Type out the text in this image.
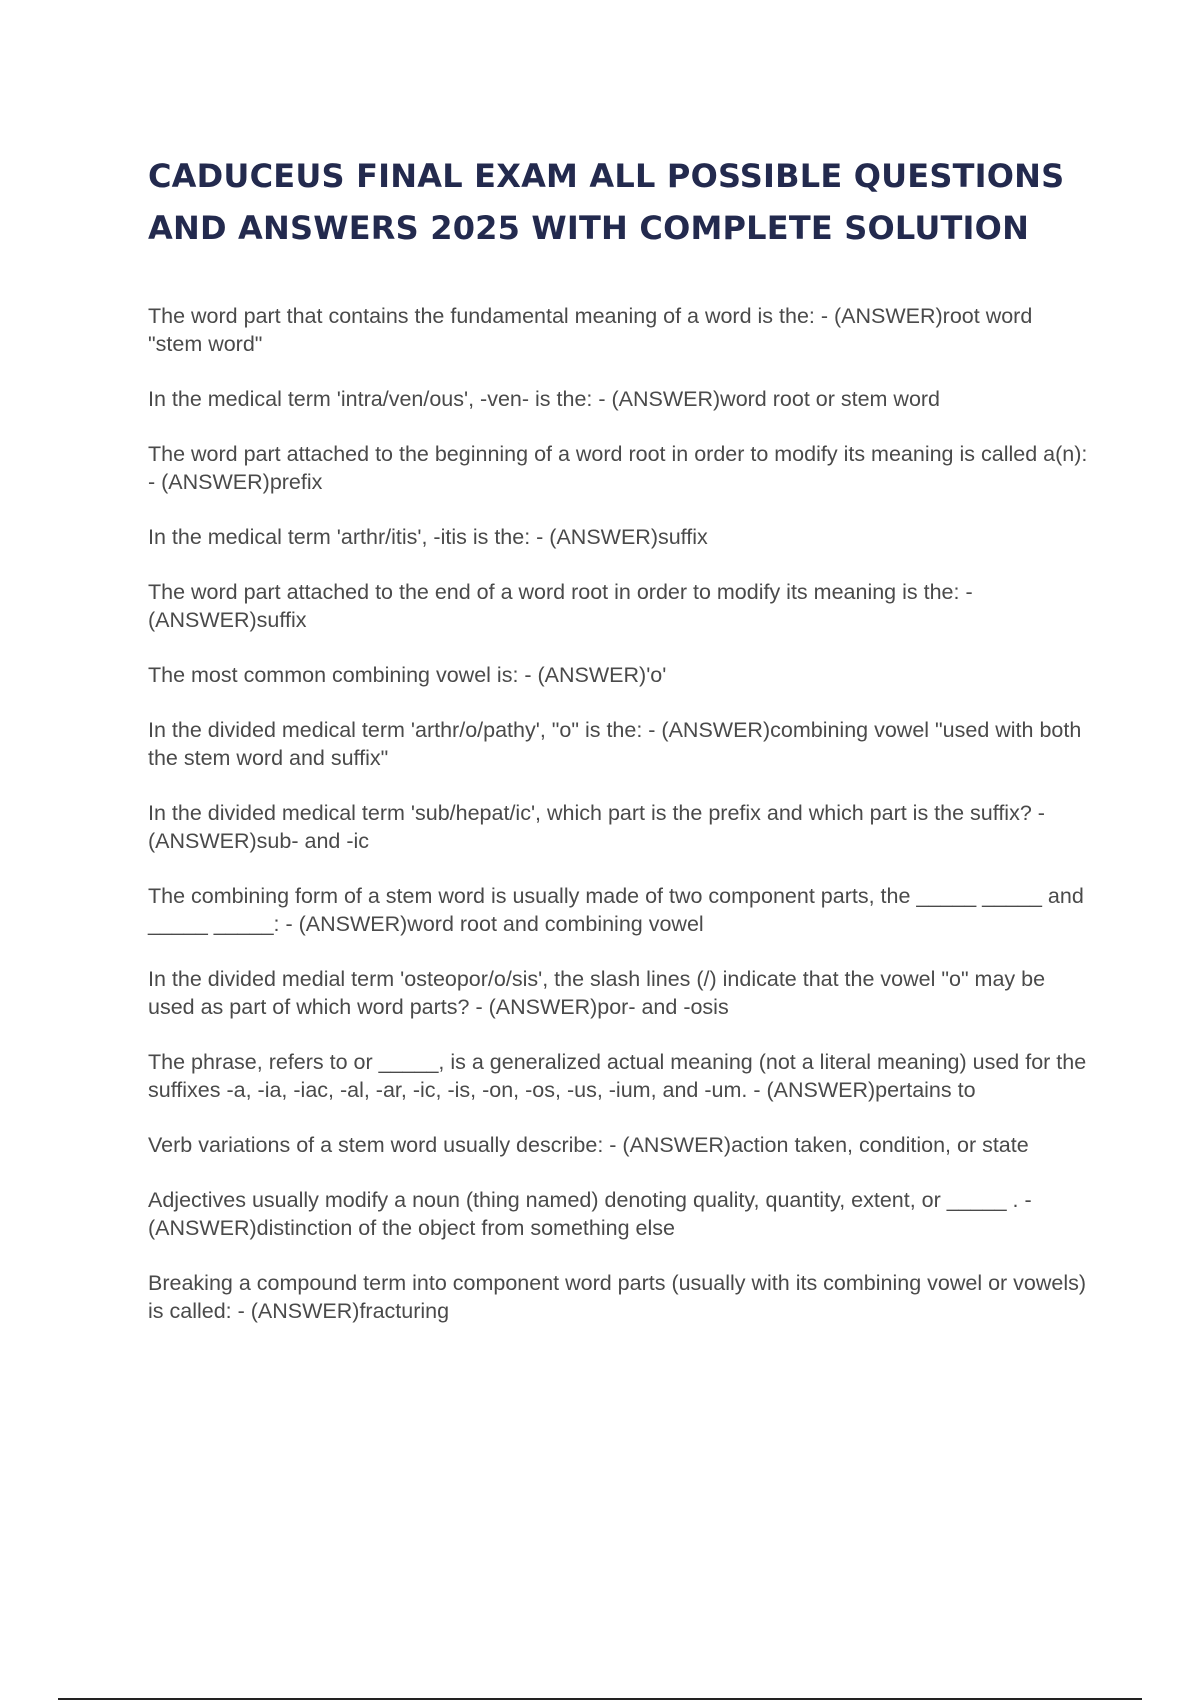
CADUCEUS FINAL EXAM ALL POSSIBLE QUESTIONS AND ANSWERS 2025 WITH COMPLETE SOLUTION
The word part that contains the fundamental meaning of a word is the: - (ANSWER)root word "stem word"
In the medical term 'intra/ven/ous', -ven- is the: - (ANSWER)word root or stem word
The word part attached to the beginning of a word root in order to modify its meaning is called a(n): - (ANSWER)prefix
In the medical term 'arthr/itis', -itis is the: - (ANSWER)suffix
The word part attached to the end of a word root in order to modify its meaning is the: - (ANSWER)suffix
The most common combining vowel is: - (ANSWER)'o'
In the divided medical term 'arthr/o/pathy', "o" is the: - (ANSWER)combining vowel "used with both the stem word and suffix"
In the divided medical term 'sub/hepat/ic', which part is the prefix and which part is the suffix? - (ANSWER)sub- and -ic
The combining form of a stem word is usually made of two component parts, the _____ _____ and _____ _____: - (ANSWER)word root and combining vowel
In the divided medial term 'osteopor/o/sis', the slash lines (/) indicate that the vowel "o" may be used as part of which word parts? - (ANSWER)por- and -osis
The phrase, refers to or _____, is a generalized actual meaning (not a literal meaning) used for the suffixes -a, -ia, -iac, -al, -ar, -ic, -is, -on, -os, -us, -ium, and -um. - (ANSWER)pertains to
Verb variations of a stem word usually describe: - (ANSWER)action taken, condition, or state
Adjectives usually modify a noun (thing named) denoting quality, quantity, extent, or _____ . - (ANSWER)distinction of the object from something else
Breaking a compound term into component word parts (usually with its combining vowel or vowels) is called: - (ANSWER)fracturing
